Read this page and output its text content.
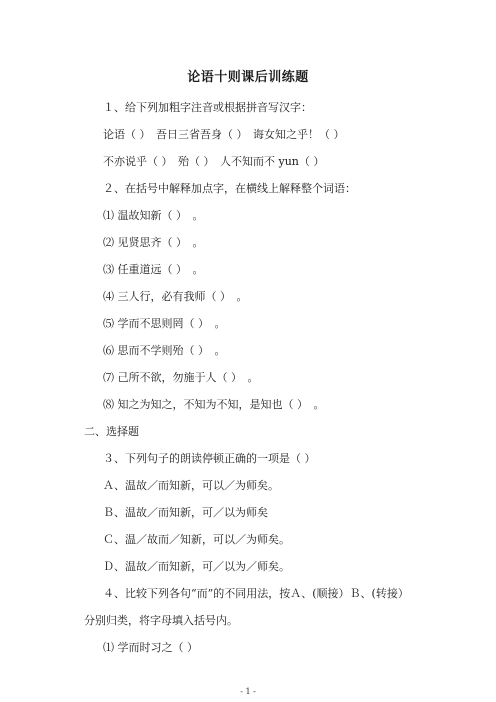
论语十则课后训练题
１、给下列加粗字注音或根据拼音写汉字：
论语（ ）　吾日三省吾身（ ）　诲女知之乎！（ ）
不亦说乎（ ）　殆（ ）　人不知而不 yun（ ）
２、在括号中解释加点字，在横线上解释整个词语：
⑴ 温故知新（ ）　。
⑵ 见贤思齐（ ）　。
⑶ 任重道远（ ）　。
⑷ 三人行，必有我师（ ）　。
⑸ 学而不思则罔（ ）　。
⑹ 思而不学则殆（ ）　。
⑺ 己所不欲，勿施于人（ ）　。
⑻ 知之为知之，不知为不知，是知也（ ）　。
二、选择题
３、下列句子的朗读停顿正确的一项是（ ）
Ａ、温故／而知新，可以／为师矣。
Ｂ、温故／而知新，可／以为师矣
Ｃ、温／故而／知新，可以／为师矣。
Ｄ、温故／而知新，可／以为／师矣。
４、比较下列各句“而”的不同用法，按Ａ、(顺接）Ｂ、(转接）
分别归类，将字母填入括号内。
⑴ 学而时习之（ ）
- 1 -
